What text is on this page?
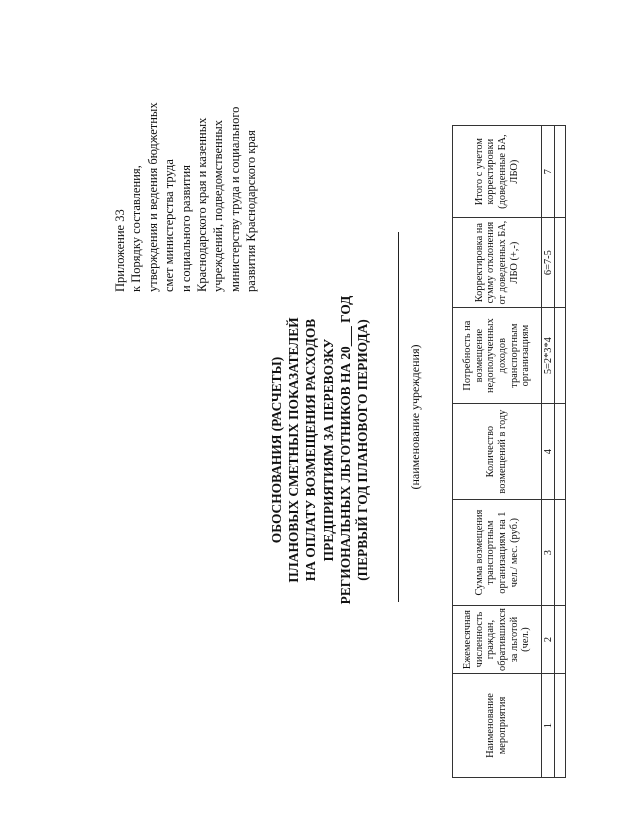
Приложение 33 к Порядку составления, утверждения и ведения бюджетных смет министерства труда и социального развития Краснодарского края и казенных учреждений, подведомственных министерству труда и социального развития Краснодарского края
ОБОСНОВАНИЯ (РАСЧЕТЫ) ПЛАНОВЫХ СМЕТНЫХ ПОКАЗАТЕЛЕЙ НА ОПЛАТУ ВОЗМЕЩЕНИЯ РАСХОДОВ ПРЕДПРИЯТИЯМ ЗА ПЕРЕВОЗКУ РЕГИОНАЛЬНЫХ ЛЬГОТНИКОВ НА 20___ ГОД (ПЕРВЫЙ ГОД ПЛАНОВОГО ПЕРИОДА)	(наименование учреждения)
Наименование мероприятия	Ежемесячная численность граждан, обратившихся за льготой (чел.)	Сумма возмещения транспортным организациям на 1 чел./ мес. (руб.)	Количество возмещений в году	Потребность на возмещение недополученных доходов транспортным организациям	Корректировка на сумму отклонения от доведенных БА, ЛБО (+,-)	Итого с учетом корректировки (доведенные БА, ЛБО)
1	2	3	4	5=2*3*4	6=7-5	7
